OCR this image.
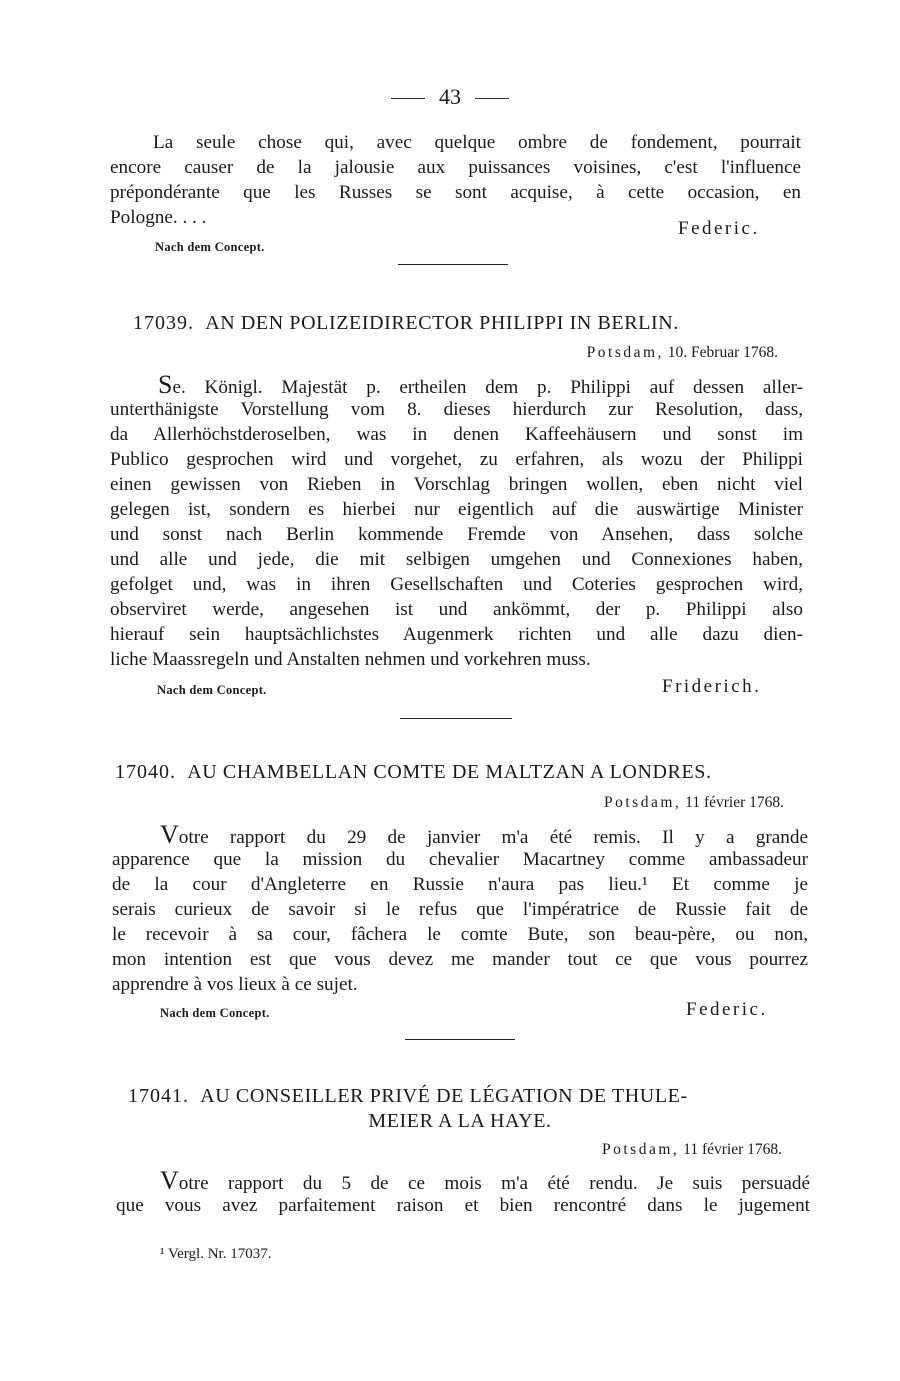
43
La seule chose qui, avec quelque ombre de fondement, pourrait
encore causer de la jalousie aux puissances voisines, c'est l'influence
prépondérante que les Russes se sont acquise, à cette occasion, en
Pologne. . . .
Nach dem Concept.
Federic.
17039. AN DEN POLIZEIDIRECTOR PHILIPPI IN BERLIN.
Potsdam, 10. Februar 1768.
Se. Königl. Majestät p. ertheilen dem p. Philippi auf dessen aller-
unterthänigste Vorstellung vom 8. dieses hierdurch zur Resolution, dass,
da Allerhöchstderoselben, was in denen Kaffeehäusern und sonst im
Publico gesprochen wird und vorgehet, zu erfahren, als wozu der Philippi
einen gewissen von Rieben in Vorschlag bringen wollen, eben nicht viel
gelegen ist, sondern es hierbei nur eigentlich auf die auswärtige Minister
und sonst nach Berlin kommende Fremde von Ansehen, dass solche
und alle und jede, die mit selbigen umgehen und Connexiones haben,
gefolget und, was in ihren Gesellschaften und Coteries gesprochen wird,
observiret werde, angesehen ist und ankömmt, der p. Philippi also
hierauf sein hauptsächlichstes Augenmerk richten und alle dazu dien-
liche Maassregeln und Anstalten nehmen und vorkehren muss.
Nach dem Concept.	Friderich.
17040. AU CHAMBELLAN COMTE DE MALTZAN A LONDRES.
Potsdam, 11 février 1768.
Votre rapport du 29 de janvier m'a été remis. Il y a grande
apparence que la mission du chevalier Macartney comme ambassadeur
de la cour d'Angleterre en Russie n'aura pas lieu.¹ Et comme je
serais curieux de savoir si le refus que l'impératrice de Russie fait de
le recevoir à sa cour, fâchera le comte Bute, son beau-père, ou non,
mon intention est que vous devez me mander tout ce que vous pourrez
apprendre à vos lieux à ce sujet.
Nach dem Concept.	Federic.
17041. AU CONSEILLER PRIVÉ DE LÉGATION DE THULE-
MEIER A LA HAYE.
Potsdam, 11 février 1768.
Votre rapport du 5 de ce mois m'a été rendu. Je suis persuadé
que vous avez parfaitement raison et bien rencontré dans le jugement
¹ Vergl. Nr. 17037.
